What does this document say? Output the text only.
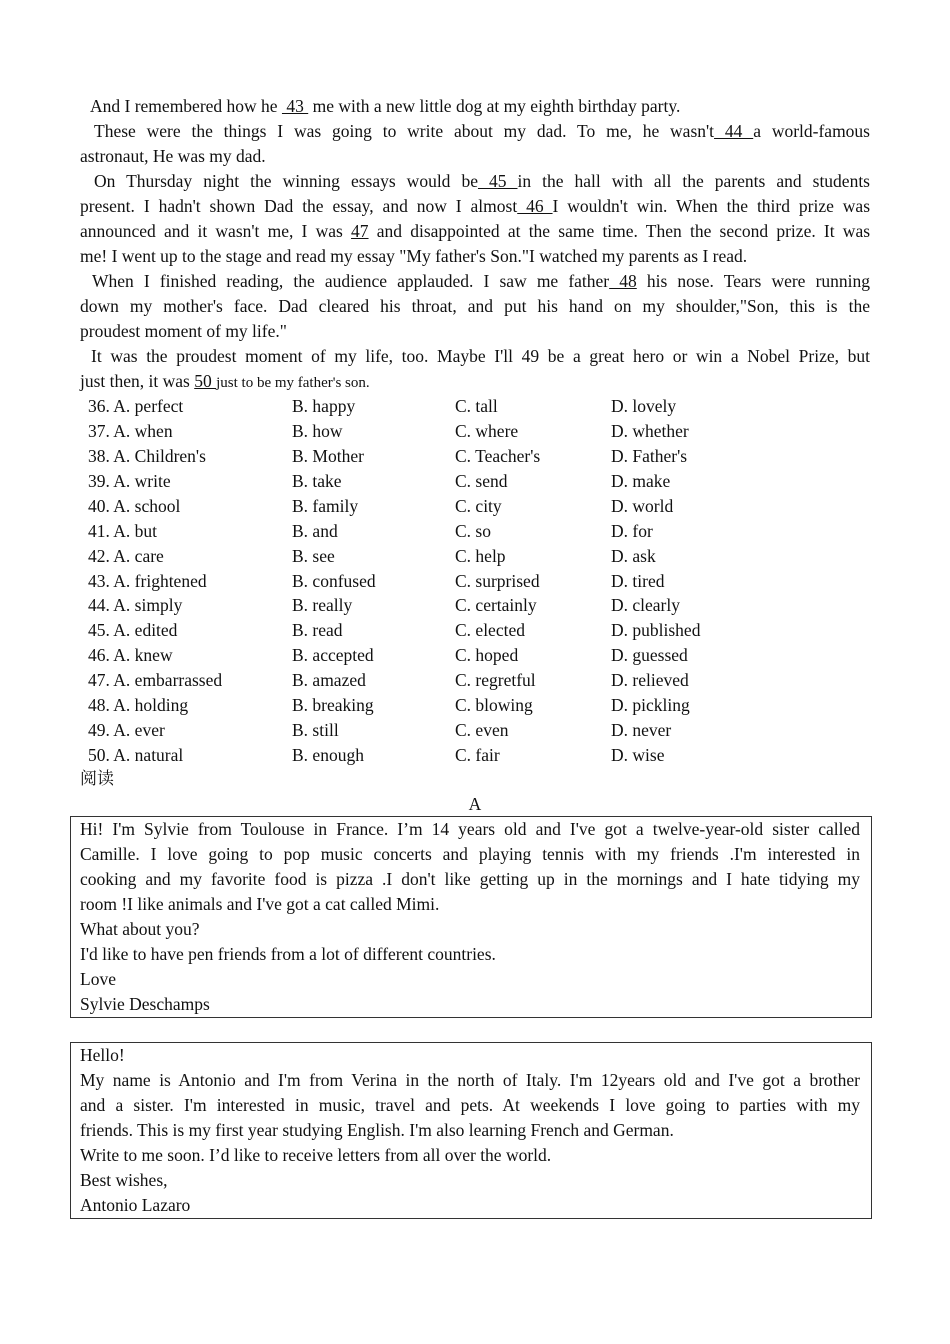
And I remembered how he  43  me with a new little dog at my eighth birthday party.
These were the things I was going to write about my dad. To me, he wasn't 44 a world-famous
astronaut, He was my dad.
On Thursday night the winning essays would be 45 in the hall with all the parents and students
present. I hadn't shown Dad the essay, and now I almost 46 I wouldn't win. When the third prize was
announced and it wasn't me, I was 47 and disappointed at the same time. Then the second prize. It was
me! I went up to the stage and read my essay "My father's Son."I watched my parents as I read.
When I finished reading, the audience applauded. I saw me father 48 his nose. Tears were running
down my mother's face. Dad cleared his throat, and put his hand on my shoulder,"Son, this is the
proudest moment of my life."
It was the proudest moment of my life, too. Maybe I'll 49 be a great hero or win a Nobel Prize, but
just then, it was 50 just to be my father's son.
36. A. perfect	B. happy	C. tall	D. lovely
37. A. when	B. how	C. where	D. whether
38. A. Children's	B. Mother	C. Teacher's	D. Father's
39. A. write	B. take	C. send	D. make
40. A. school	B. family	C. city	D. world
41. A. but	B. and	C. so	D. for
42. A. care	B. see	C. help	D. ask
43. A. frightened	B. confused	C. surprised	D. tired
44. A. simply	B. really	C. certainly	D. clearly
45. A. edited	B. read	C. elected	D. published
46. A. knew	B. accepted	C. hoped	D. guessed
47. A. embarrassed	B. amazed	C. regretful	D. relieved
48. A. holding	B. breaking	C. blowing	D. pickling
49. A. ever	B. still	C. even	D. never
50. A. natural	B. enough	C. fair	D. wise
阅读
A
Hi! I'm Sylvie from Toulouse in France. I’m 14 years old and I've got a twelve-year-old sister called
Camille. I love going to pop music concerts and playing tennis with my friends .I'm interested in
cooking and my favorite food is pizza .I don't like getting up in the mornings and I hate tidying my
room !I like animals and I've got a cat called Mimi.
What about you?
I'd like to have pen friends from a lot of different countries.
Love
Sylvie Deschamps
Hello!
My name is Antonio and I'm from Verina in the north of Italy. I'm 12years old and I've got a brother
and a sister. I'm interested in music, travel and pets. At weekends I love going to parties with my
friends. This is my first year studying English. I'm also learning French and German.
Write to me soon. I’d like to receive letters from all over the world.
Best wishes,
Antonio Lazaro
